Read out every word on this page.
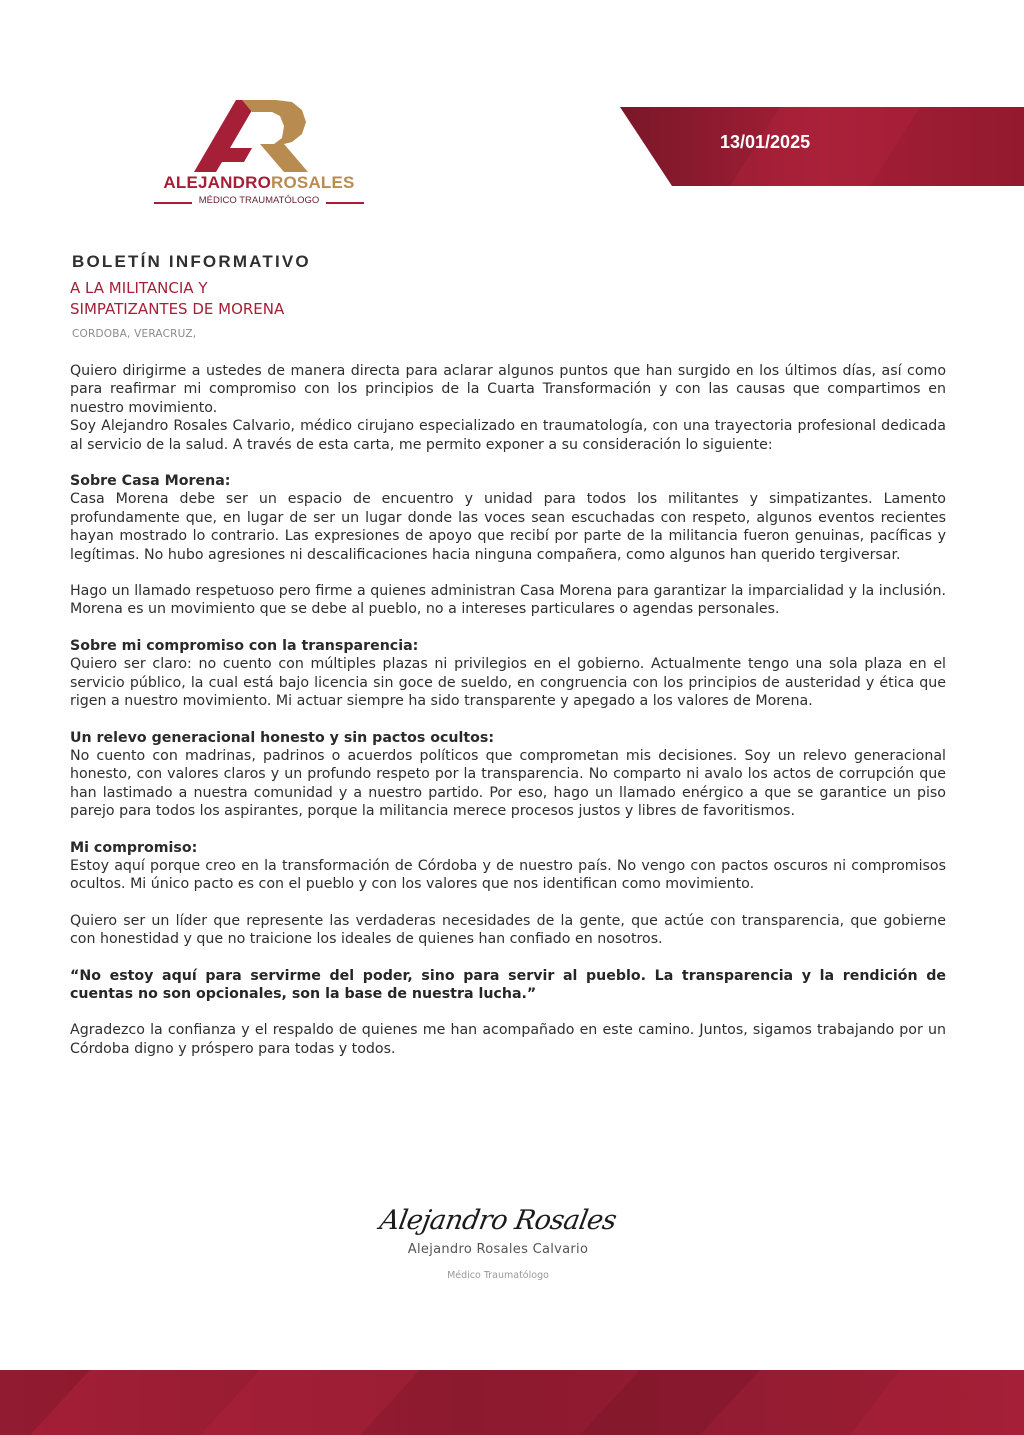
ALEJANDROROSALES
MÉDICO TRAUMATÓLOGO
13/01/2025
BOLETÍN INFORMATIVO

A LA MILITANCIA Y

SIMPATIZANTES DE MORENA

CORDOBA, VERACRUZ,

Quiero dirigirme a ustedes de manera directa para aclarar algunos puntos que han surgido en los últimos días, así como para reafirmar mi compromiso con los principios de la Cuarta Transformación y con las causas que compartimos en nuestro movimiento.

Soy Alejandro Rosales Calvario, médico cirujano especializado en traumatología, con una trayectoria profesional dedicada al servicio de la salud. A través de esta carta, me permito exponer a su consideración lo siguiente:

Sobre Casa Morena:

Casa Morena debe ser un espacio de encuentro y unidad para todos los militantes y simpatizantes. Lamento profundamente que, en lugar de ser un lugar donde las voces sean escuchadas con respeto, algunos eventos recientes hayan mostrado lo contrario. Las expresiones de apoyo que recibí por parte de la militancia fueron genuinas, pacíficas y legítimas. No hubo agresiones ni descalificaciones hacia ninguna compañera, como algunos han querido tergiversar.

Hago un llamado respetuoso pero firme a quienes administran Casa Morena para garantizar la imparcialidad y la inclusión. Morena es un movimiento que se debe al pueblo, no a intereses particulares o agendas personales.

Sobre mi compromiso con la transparencia:

Quiero ser claro: no cuento con múltiples plazas ni privilegios en el gobierno. Actualmente tengo una sola plaza en el servicio público, la cual está bajo licencia sin goce de sueldo, en congruencia con los principios de austeridad y ética que rigen a nuestro movimiento. Mi actuar siempre ha sido transparente y apegado a los valores de Morena.

Un relevo generacional honesto y sin pactos ocultos:

No cuento con madrinas, padrinos o acuerdos políticos que comprometan mis decisiones. Soy un relevo generacional honesto, con valores claros y un profundo respeto por la transparencia. No comparto ni avalo los actos de corrupción que han lastimado a nuestra comunidad y a nuestro partido. Por eso, hago un llamado enérgico a que se garantice un piso parejo para todos los aspirantes, porque la militancia merece procesos justos y libres de favoritismos.

Mi compromiso:

Estoy aquí porque creo en la transformación de Córdoba y de nuestro país. No vengo con pactos oscuros ni compromisos ocultos. Mi único pacto es con el pueblo y con los valores que nos identifican como movimiento.

Quiero ser un líder que represente las verdaderas necesidades de la gente, que actúe con transparencia, que gobierne con honestidad y que no traicione los ideales de quienes han confiado en nosotros.

“No estoy aquí para servirme del poder, sino para servir al pueblo. La transparencia y la rendición de cuentas no son opcionales, son la base de nuestra lucha.”

Agradezco la confianza y el respaldo de quienes me han acompañado en este camino. Juntos, sigamos trabajando por un Córdoba digno y próspero para todas y todos.

Alejandro Rosales

Alejandro Rosales Calvario

Médico Traumatólogo
